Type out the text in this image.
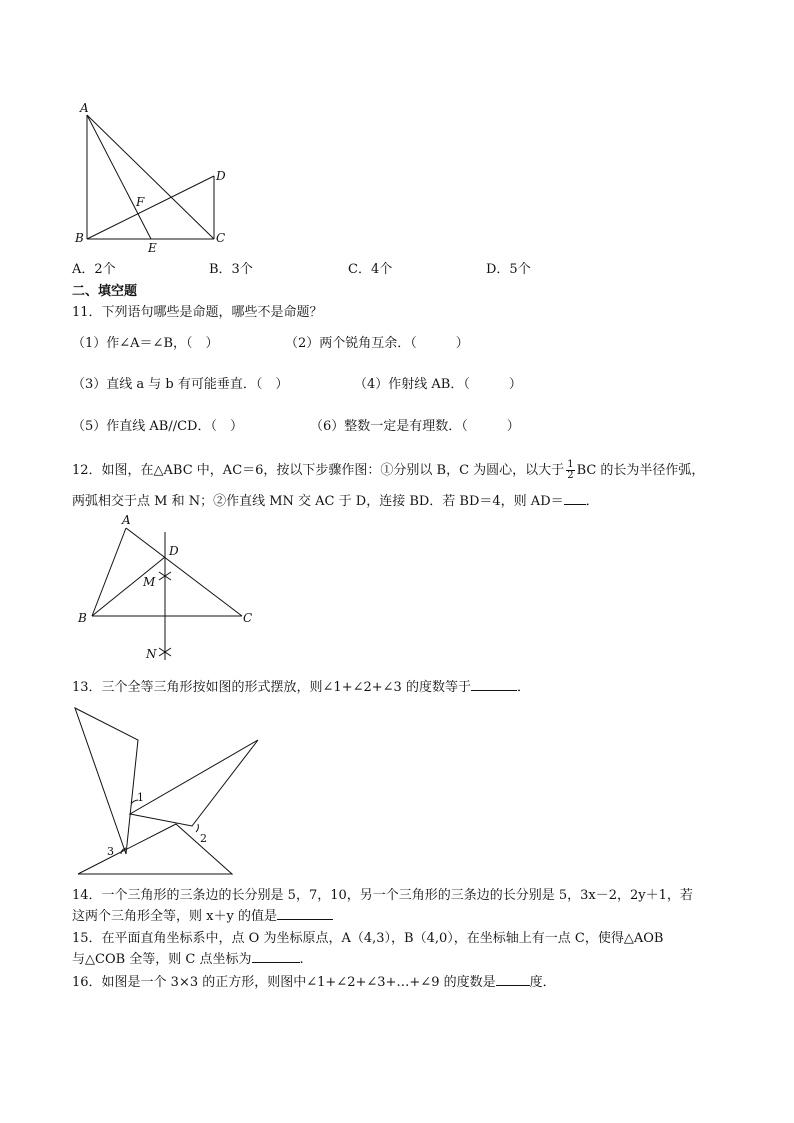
A
B	C
D
E
F
A．2个	B．3个	C．4个	D．5个
二、填空题
11．下列语句哪些是命题，哪些不是命题？
（1）作∠A＝∠B，（　）	（2）两个锐角互余．（　　　）
（3）直线 a 与 b 有可能垂直．（　）	（4）作射线 AB．（　　　）
（5）作直线 AB//CD．（　）	（6）整数一定是有理数．（　　　）
12．如图，在△ABC 中，AC＝6，按以下步骤作图：①分别以 B，C 为圆心，以大于 $\frac{1}{2}$ BC 的长为半径作弧，
两弧相交于点 M 和 N；②作直线 MN 交 AC 于 D，连接 BD．若 BD＝4，则 AD＝ ．
A
D
M
B	C
N
13．三个全等三角形按如图的形式摆放，则∠1+∠2+∠3 的度数等于	．
1
2
3
14．一个三角形的三条边的长分别是 5，7，10，另一个三角形的三条边的长分别是 5，3x－2，2y＋1，若
这两个三角形全等，则 x＋y 的值是
15．在平面直角坐标系中，点 O 为坐标原点，A（4,3），B（4,0），在坐标轴上有一点 C，使得△AOB
与△COB 全等，则 C 点坐标为	.
16．如图是一个 3×3 的正方形，则图中∠1+∠2+∠3+…+∠9 的度数是	度．
